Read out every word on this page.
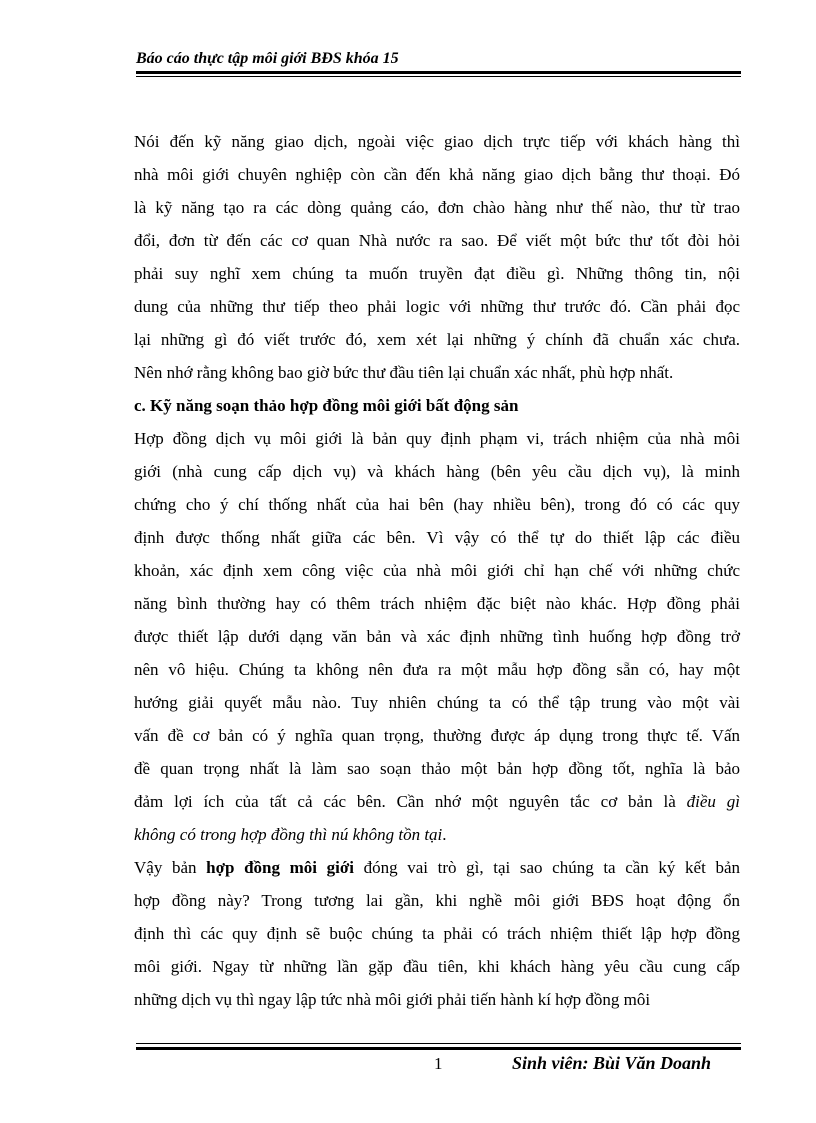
Báo cáo thực tập môi giới BĐS khóa 15
Nói đến kỹ năng giao dịch, ngoài việc giao dịch trực tiếp với khách hàng thì
nhà môi giới chuyên nghiệp còn cần đến khả năng giao dịch bằng thư thoại. Đó
là kỹ năng tạo ra các dòng quảng cáo, đơn chào hàng như thế nào, thư từ trao
đổi, đơn từ đến các cơ quan Nhà nước ra sao. Để viết một bức thư tốt đòi hỏi
phải suy nghĩ xem chúng ta muốn truyền đạt điều gì. Những thông tin, nội
dung của những thư tiếp theo phải logic với những thư trước đó. Cần phải đọc
lại những gì đó viết trước đó, xem xét lại những ý chính đã chuẩn xác chưa.
Nên nhớ rằng không bao giờ bức thư đầu tiên lại chuẩn xác nhất, phù hợp nhất.
c. Kỹ năng soạn thảo hợp đồng môi giới bất động sản
Hợp đồng dịch vụ môi giới là bản quy định phạm vi, trách nhiệm của nhà môi
giới (nhà cung cấp dịch vụ) và khách hàng (bên yêu cầu dịch vụ), là minh
chứng cho ý chí thống nhất của hai bên (hay nhiều bên), trong đó có các quy
định được thống nhất giữa các bên. Vì vậy có thể tự do thiết lập các điều
khoản, xác định xem công việc của nhà môi giới chỉ hạn chế với những chức
năng bình thường hay có thêm trách nhiệm đặc biệt nào khác. Hợp đồng phải
được thiết lập dưới dạng văn bản và xác định những tình huống hợp đồng trở
nên vô hiệu. Chúng ta không nên đưa ra một mẫu hợp đồng sẵn có, hay một
hướng giải quyết mẫu nào. Tuy nhiên chúng ta có thể tập trung vào một vài
vấn đề cơ bản có ý nghĩa quan trọng, thường được áp dụng trong thực tế. Vấn
đề quan trọng nhất là làm sao soạn thảo một bản hợp đồng tốt, nghĩa là bảo
đảm lợi ích của tất cả các bên. Cần nhớ một nguyên tắc cơ bản là điều gì
không có trong hợp đồng thì nú không tồn tại.
Vậy bản hợp đồng môi giới đóng vai trò gì, tại sao chúng ta cần ký kết bản
hợp đồng này? Trong tương lai gần, khi nghề môi giới BĐS hoạt động ổn
định thì các quy định sẽ buộc chúng ta phải có trách nhiệm thiết lập hợp đồng
môi giới. Ngay từ những lần gặp đầu tiên, khi khách hàng yêu cầu cung cấp
những dịch vụ thì ngay lập tức nhà môi giới phải tiến hành kí hợp đồng môi
1	Sinh viên: Bùi Văn Doanh
